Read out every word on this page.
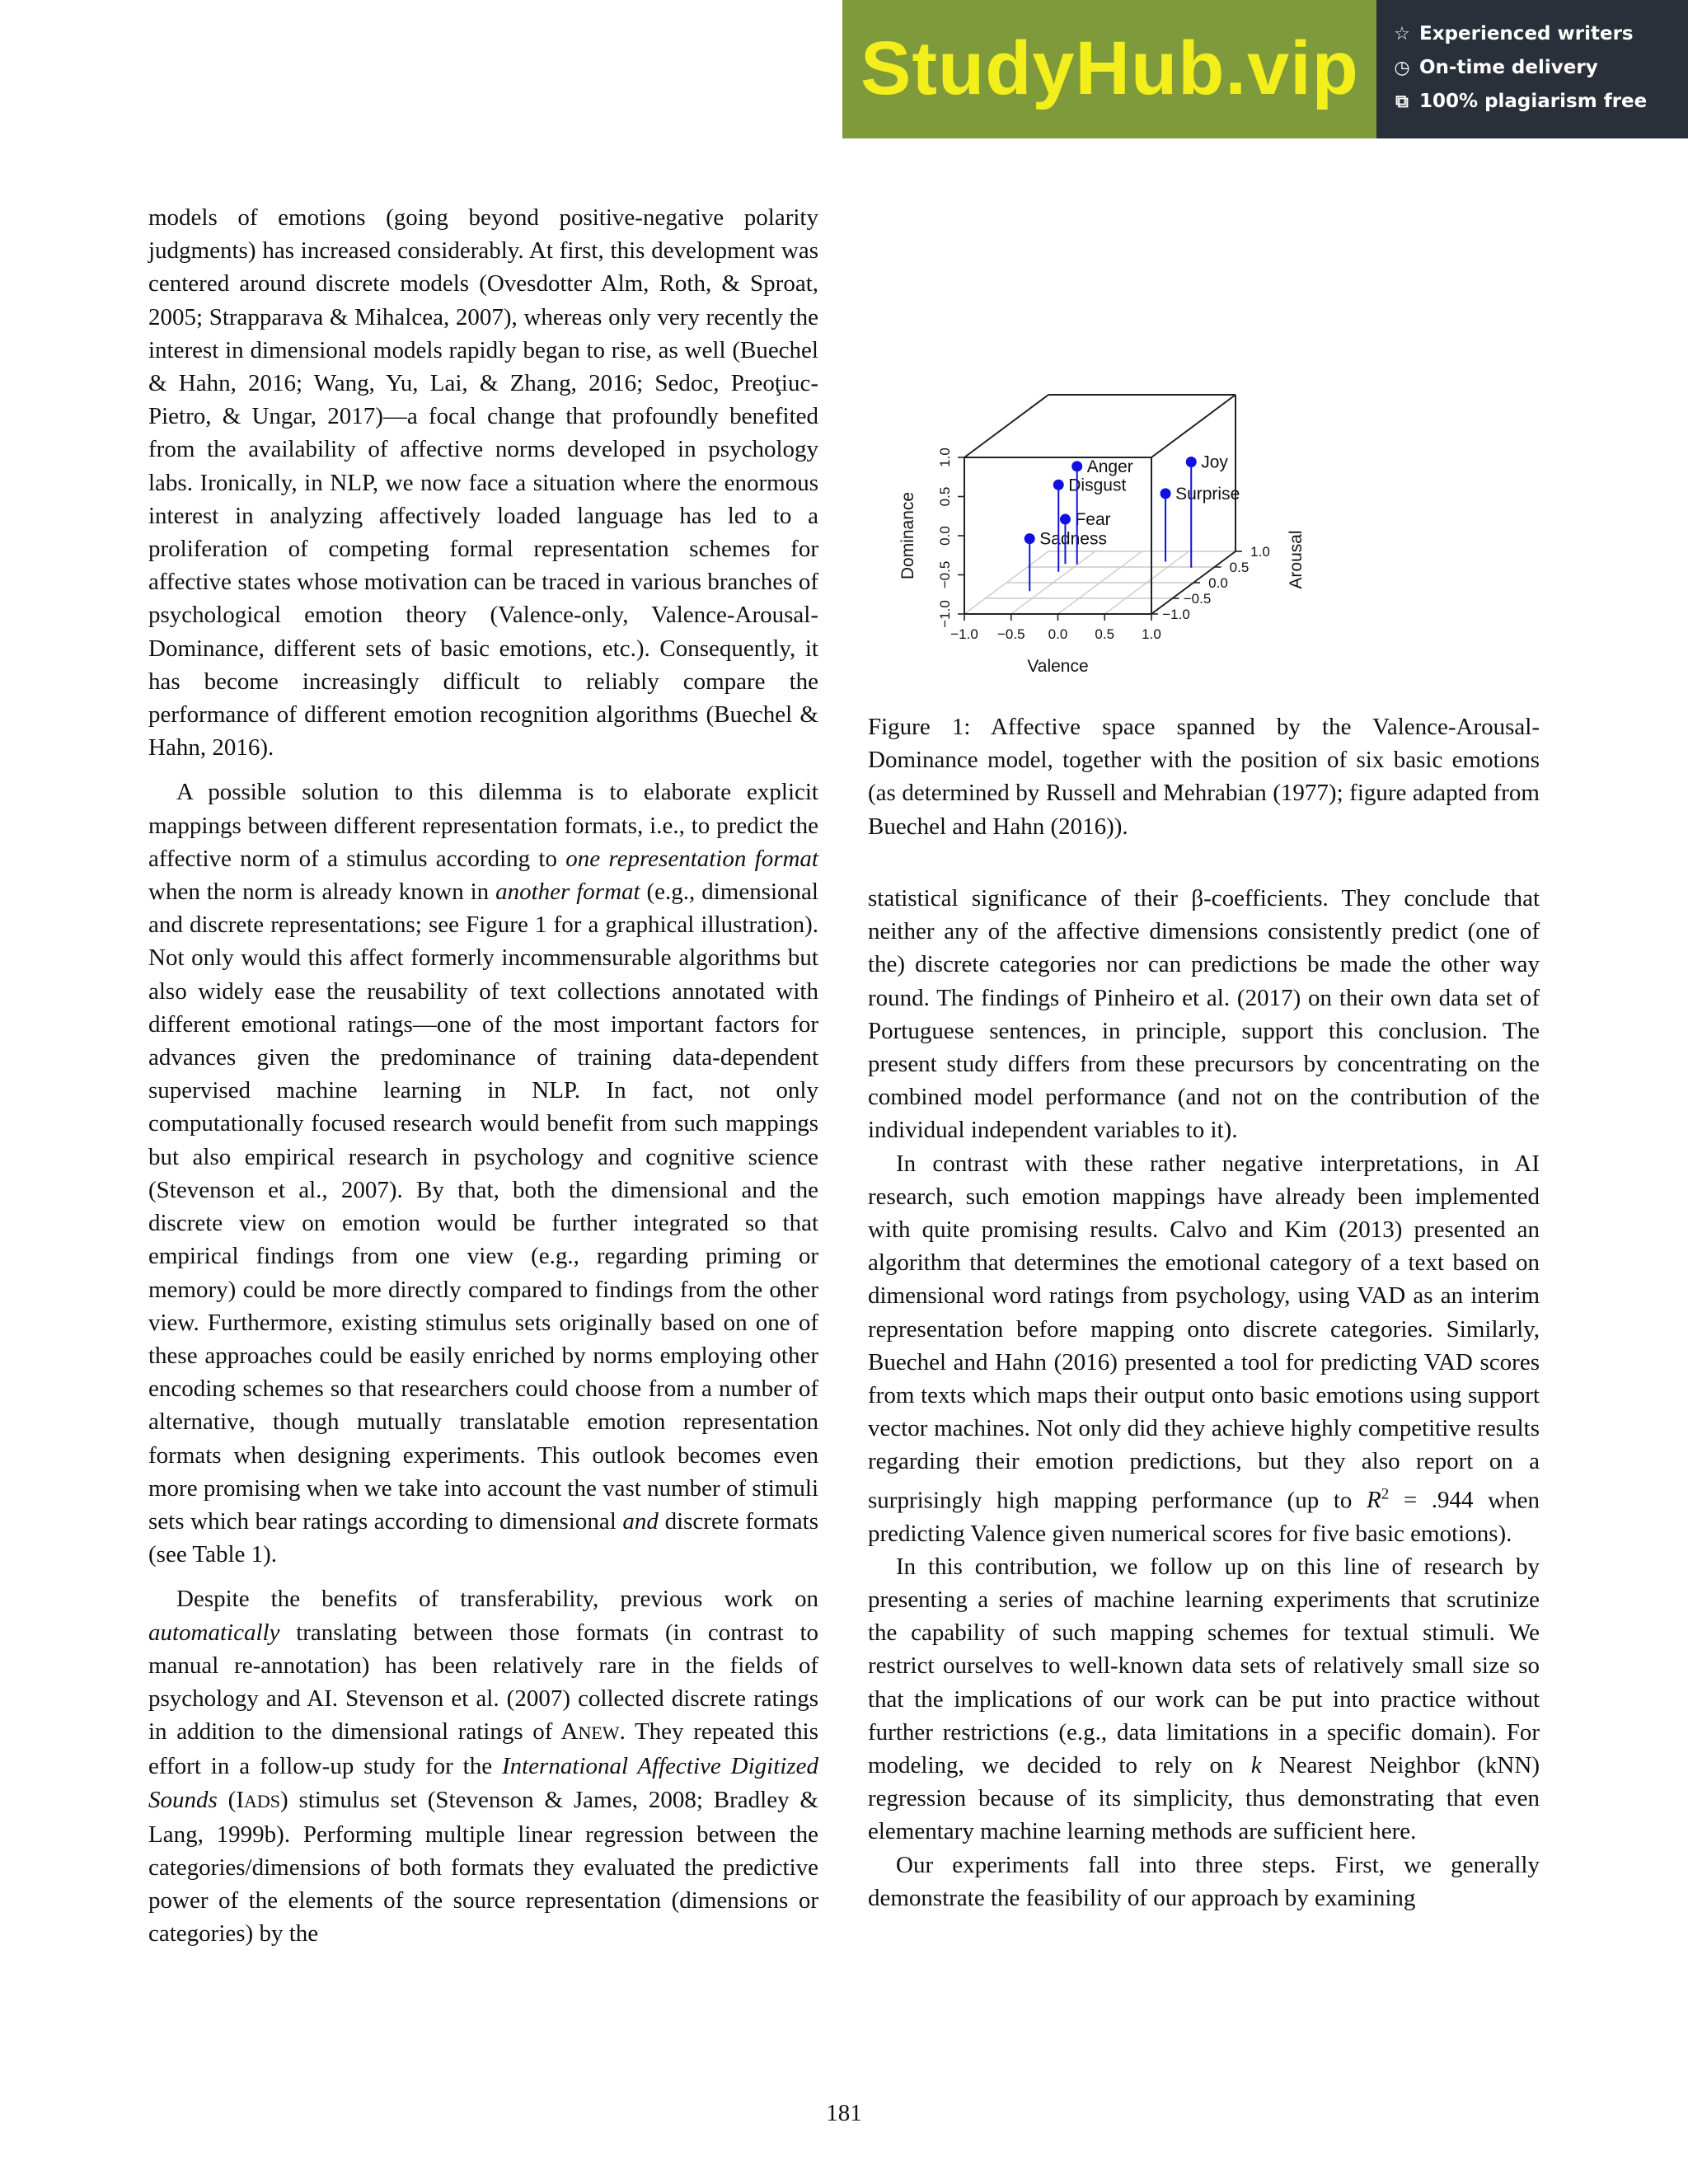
StudyHub.vip ☆ Experienced writers
◷ On-time delivery
⧉ 100% plagiarism free

models of emotions (going beyond positive-negative polarity judgments) has increased considerably. At first, this development was centered around discrete models (Ovesdotter Alm, Roth, & Sproat, 2005; Strapparava & Mihalcea, 2007), whereas only very recently the interest in dimensional models rapidly began to rise, as well (Buechel & Hahn, 2016; Wang, Yu, Lai, & Zhang, 2016; Sedoc, Preoţiuc-Pietro, & Ungar, 2017)—a focal change that profoundly benefited from the availability of affective norms developed in psychology labs. Ironically, in NLP, we now face a situation where the enormous interest in analyzing affectively loaded language has led to a proliferation of competing formal representation schemes for affective states whose motivation can be traced in various branches of psychological emotion theory (Valence-only, Valence-Arousal-Dominance, different sets of basic emotions, etc.). Consequently, it has become increasingly difficult to reliably compare the performance of different emotion recognition algorithms (Buechel & Hahn, 2016).

A possible solution to this dilemma is to elaborate explicit mappings between different representation formats, i.e., to predict the affective norm of a stimulus according to one representation format when the norm is already known in another format (e.g., dimensional and discrete representations; see Figure 1 for a graphical illustration). Not only would this affect formerly incommensurable algorithms but also widely ease the reusability of text collections annotated with different emotional ratings—one of the most important factors for advances given the predominance of training data-dependent supervised machine learning in NLP. In fact, not only computationally focused research would benefit from such mappings but also empirical research in psychology and cognitive science (Stevenson et al., 2007). By that, both the dimensional and the discrete view on emotion would be further integrated so that empirical findings from one view (e.g., regarding priming or memory) could be more directly compared to findings from the other view. Furthermore, existing stimulus sets originally based on one of these approaches could be easily enriched by norms employing other encoding schemes so that researchers could choose from a number of alternative, though mutually translatable emotion representation formats when designing experiments. This outlook becomes even more promising when we take into account the vast number of stimuli sets which bear ratings according to dimensional and discrete formats (see Table 1).

Despite the benefits of transferability, previous work on automatically translating between those formats (in contrast to manual re-annotation) has been relatively rare in the fields of psychology and AI. Stevenson et al. (2007) collected discrete ratings in addition to the dimensional ratings of ANEW. They repeated this effort in a follow-up study for the International Affective Digitized Sounds (IADS) stimulus set (Stevenson & James, 2008; Bradley & Lang, 1999b). Performing multiple linear regression between the categories/dimensions of both formats they evaluated the predictive power of the elements of the source representation (dimensions or categories) by the

−1.0 −0.5 0.0 0.5 1.0
−1.0
−0.5
0.0
0.5
1.0
−1.0
−0.5
0.0
0.5
1.0
Valence
Dominance	Arousal
Sadness
Fear
Disgust
Anger
Surprise
Joy
Figure 1: Affective space spanned by the Valence-Arousal-Dominance model, together with the position of six basic emotions (as determined by Russell and Mehrabian (1977); figure adapted from Buechel and Hahn (2016)).

statistical significance of their β-coefficients. They conclude that neither any of the affective dimensions consistently predict (one of the) discrete categories nor can predictions be made the other way round. The findings of Pinheiro et al. (2017) on their own data set of Portuguese sentences, in principle, support this conclusion. The present study differs from these precursors by concentrating on the combined model performance (and not on the contribution of the individual independent variables to it).

In contrast with these rather negative interpretations, in AI research, such emotion mappings have already been implemented with quite promising results. Calvo and Kim (2013) presented an algorithm that determines the emotional category of a text based on dimensional word ratings from psychology, using VAD as an interim representation before mapping onto discrete categories. Similarly, Buechel and Hahn (2016) presented a tool for predicting VAD scores from texts which maps their output onto basic emotions using support vector machines. Not only did they achieve highly competitive results regarding their emotion predictions, but they also report on a surprisingly high mapping performance (up to $R^2 = .944$ when predicting Valence given numerical scores for five basic emotions).

In this contribution, we follow up on this line of research by presenting a series of machine learning experiments that scrutinize the capability of such mapping schemes for textual stimuli. We restrict ourselves to well-known data sets of relatively small size so that the implications of our work can be put into practice without further restrictions (e.g., data limitations in a specific domain). For modeling, we decided to rely on k Nearest Neighbor (kNN) regression because of its simplicity, thus demonstrating that even elementary machine learning methods are sufficient here.

Our experiments fall into three steps. First, we generally demonstrate the feasibility of our approach by examining

181
